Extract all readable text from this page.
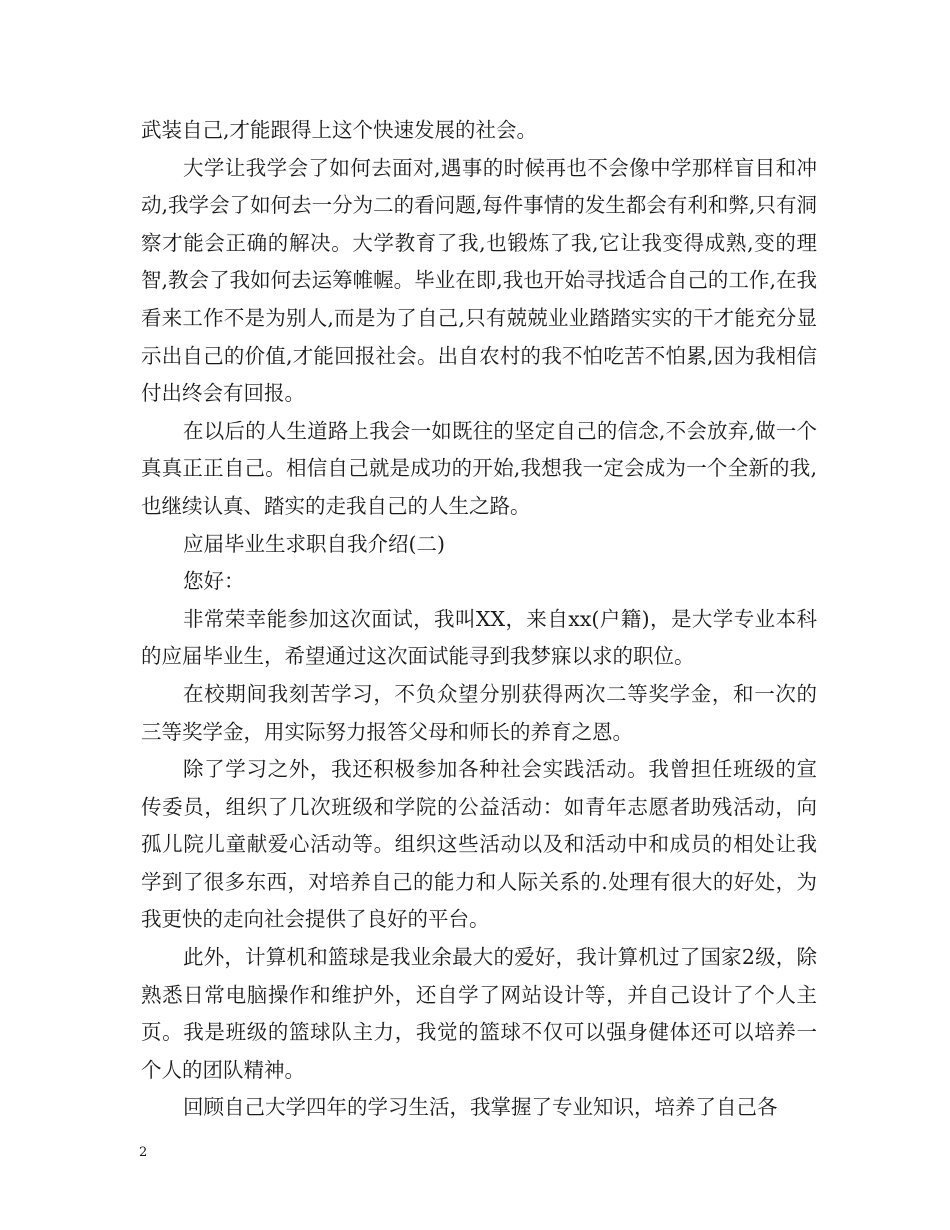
武装自己,才能跟得上这个快速发展的社会。

大学让我学会了如何去面对,遇事的时候再也不会像中学那样盲目和冲动,我学会了如何去一分为二的看问题,每件事情的发生都会有利和弊,只有洞察才能会正确的解决。大学教育了我,也锻炼了我,它让我变得成熟,变的理智,教会了我如何去运筹帷幄。毕业在即,我也开始寻找适合自己的工作,在我看来工作不是为别人,而是为了自己,只有兢兢业业踏踏实实的干才能充分显示出自己的价值,才能回报社会。出自农村的我不怕吃苦不怕累,因为我相信付出终会有回报。

在以后的人生道路上我会一如既往的坚定自己的信念,不会放弃,做一个真真正正自己。相信自己就是成功的开始,我想我一定会成为一个全新的我,也继续认真、踏实的走我自己的人生之路。

应届毕业生求职自我介绍(二)

您好：

非常荣幸能参加这次面试，我叫XX，来自xx(户籍)，是大学专业本科的应届毕业生，希望通过这次面试能寻到我梦寐以求的职位。

在校期间我刻苦学习，不负众望分别获得两次二等奖学金，和一次的三等奖学金，用实际努力报答父母和师长的养育之恩。

除了学习之外，我还积极参加各种社会实践活动。我曾担任班级的宣传委员，组织了几次班级和学院的公益活动：如青年志愿者助残活动，向孤儿院儿童献爱心活动等。组织这些活动以及和活动中和成员的相处让我学到了很多东西，对培养自己的能力和人际关系的.处理有很大的好处，为我更快的走向社会提供了良好的平台。

此外，计算机和篮球是我业余最大的爱好，我计算机过了国家2级，除熟悉日常电脑操作和维护外，还自学了网站设计等，并自己设计了个人主页。我是班级的篮球队主力，我觉的篮球不仅可以强身健体还可以培养一个人的团队精神。

回顾自己大学四年的学习生活，我掌握了专业知识，培养了自己各

2
